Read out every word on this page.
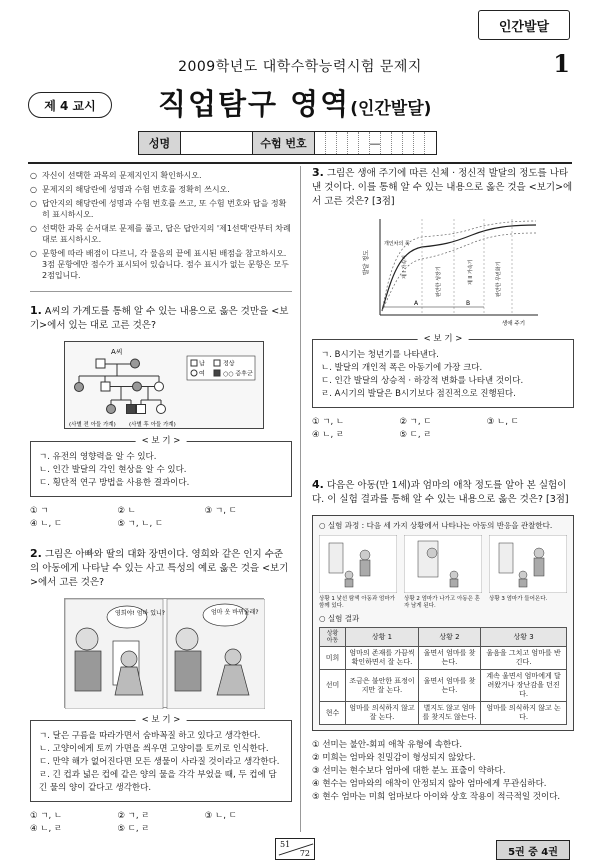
인간발달
2009학년도 대학수학능력시험 문제지	1
제 4 교시	직업탐구 영역(인간발달)
성명	수험 번호	—
○ 자신이 선택한 과목의 문제지인지 확인하시오.
○ 문제지의 해당란에 성명과 수험 번호를 정확히 쓰시오.
○ 답안지의 해당란에 성명과 수험 번호를 쓰고, 또 수험 번호와 답을 정확히 표시하시오.
○ 선택한 과목 순서대로 문제를 풀고, 답은 답안지의 '제1선택'란부터 차례대로 표시하시오.
○ 문항에 따라 배점이 다르니, 각 물음의 끝에 표시된 배점을 참고하시오. 3점 문항에만 점수가 표시되어 있습니다. 점수 표시가 없는 문항은 모두 2점입니다.
1. A씨의 가계도를 통해 알 수 있는 내용으로 옳은 것만을 <보기>에서 있는 대로 고른 것은?
A씨
남
여
정상
○○ 증후군
(사별 전 아들 가계) (사별 후 아들 가계)
< 보 기 >
ㄱ. 유전의 영향력을 알 수 있다.
ㄴ. 인간 발달의 각인 현상을 알 수 있다.
ㄷ. 횡단적 연구 방법을 사용한 결과이다.
① ㄱ	② ㄴ	③ ㄱ, ㄷ
④ ㄴ, ㄷ	⑤ ㄱ, ㄴ, ㄷ
2. 그림은 아빠와 딸의 대화 장면이다. 영희와 같은 인지 수준의 아동에게 나타날 수 있는 사고 특성의 예로 옳은 것을 <보기>에서 고른 것은?
영희야! 엄마 있니?	엄마 옷 바뀌줄래?
< 보 기 >
ㄱ. 달은 구름을 따라가면서 숨바꼭질 하고 있다고 생각한다.
ㄴ. 고양이에게 토끼 가면을 씌우면 고양이를 토끼로 인식한다.
ㄷ. 만약 해가 없어진다면 모든 생물이 사라질 것이라고 생각한다.
ㄹ. 긴 컵과 넓은 컵에 같은 양의 물을 각각 부었을 때, 두 컵에 담긴 물의 양이 같다고 생각한다.
① ㄱ, ㄴ	② ㄱ, ㄹ	③ ㄴ, ㄷ
④ ㄴ, ㄹ	⑤ ㄷ, ㄹ
3. 그림은 생애 주기에 따른 신체 · 정신적 발달의 정도를 나타낸 것이다. 이를 통해 알 수 있는 내용으로 옳은 것을 <보기>에서 고른 것은? [3점]
발달 정도
생애 주기
개인차의 폭
제 I 가속기	완만한 성장기	제 II 가속기	완만한 무변화기
A	B
< 보 기 >
ㄱ. B시기는 청년기를 나타낸다.
ㄴ. 발달의 개인적 폭은 아동기에 가장 크다.
ㄷ. 인간 발달의 상승적 · 하강적 변화를 나타낸 것이다.
ㄹ. A시기의 발달은 B시기보다 점진적으로 진행된다.
① ㄱ, ㄴ	② ㄱ, ㄷ	③ ㄴ, ㄷ
④ ㄴ, ㄹ	⑤ ㄷ, ㄹ
4. 다음은 아동(만 1세)과 엄마의 애착 정도를 알아 본 실험이다. 이 실험 결과를 통해 알 수 있는 내용으로 옳은 것은? [3점]
○ 실험 과정 : 다음 세 가지 상황에서 나타나는 아동의 반응을 관찰한다.
상황 1 낯선 탐색 아동과 엄마가 함께 있다.
상황 2 엄마가 나가고 아동은 혼자 남게 된다.
상황 3 엄마가 들어온다.
○ 실험 결과
상황
아동	상황 1	상황 2	상황 3
미희	엄마의 존재를 가끔씩 확인하면서 잘 논다.	울면서 엄마를 찾는다.	울음을 그치고 엄마를 반긴다.
선미	조금은 불안한 표정이지만 잘 논다.	울면서 엄마를 찾는다.	계속 울면서 엄마에게 달려왔거나 장난감을 던진다.
현수	엄마를 의식하지 않고 잘 논다.	별지도 않고 엄마를 찾지도 않는다.	엄마를 의식하지 않고 논다.
① 선미는 불안-회피 애착 유형에 속한다.
② 미희는 엄마와 친밀감이 형성되지 않았다.
③ 선미는 현수보다 엄마에 대한 분노 표출이 약하다.
④ 현수는 엄마와의 애착이 안정되지 않아 엄마에게 무관심하다.
⑤ 현수 엄마는 미희 엄마보다 아이와 상호 작용이 적극적일 것이다.
51
72	5권 중 4권
